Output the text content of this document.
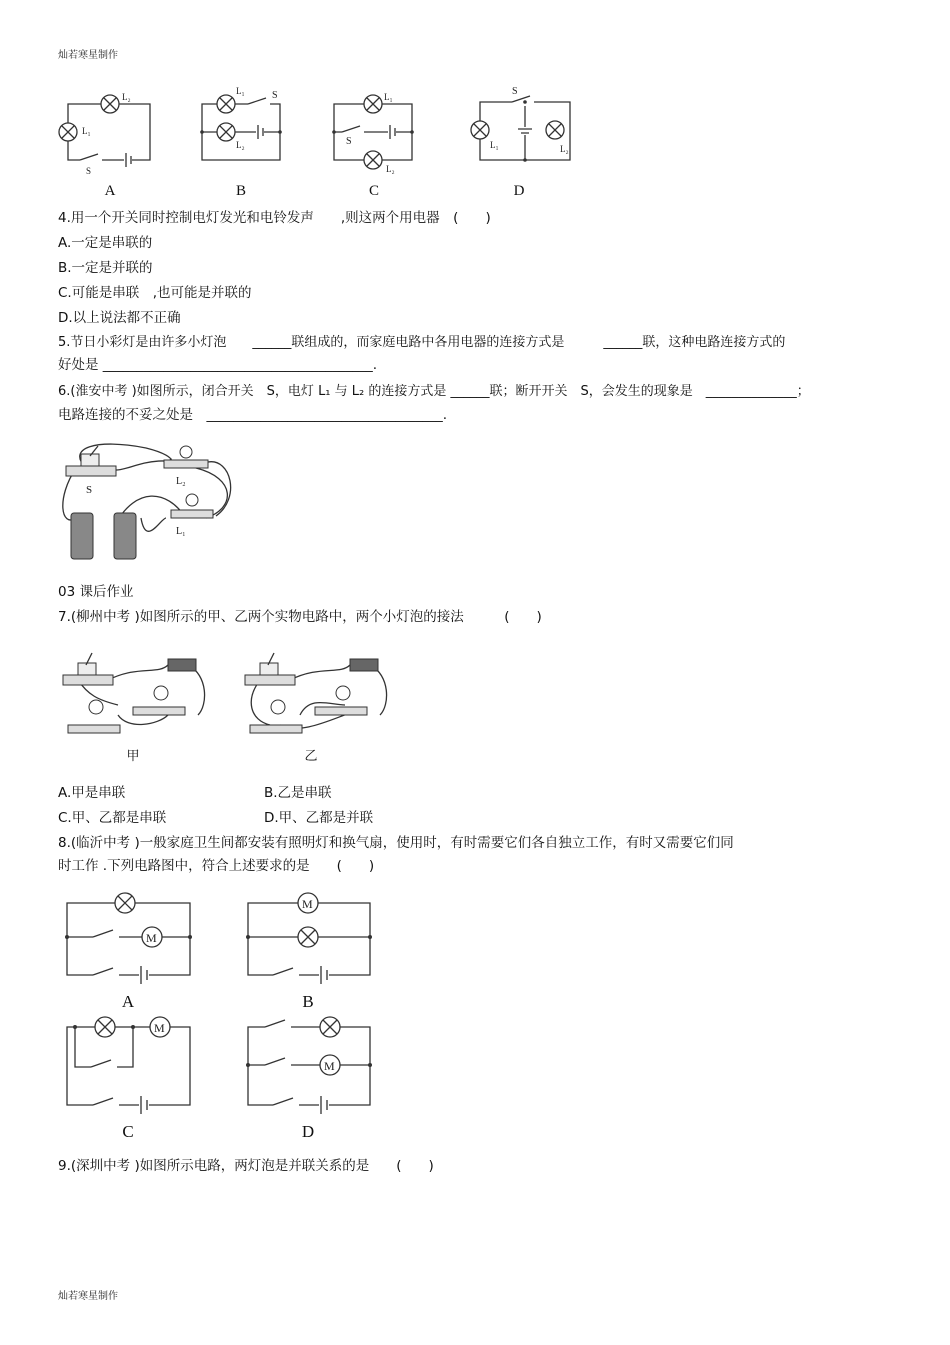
灿若寒星制作
L₂
L₁
S
L₁	S
L₂
L₁
S
L₂
S
L₁	L₂
A	B	C	D
4.用一个开关同时控制电灯发光和电铃发声　　,则这两个用电器　(　　)
A.一定是串联的
B.一定是并联的
C.可能是串联　,也可能是并联的
D.以上说法都不正确
5.节日小彩灯是由许多小灯泡　　______联组成的，而家庭电路中各用电器的连接方式是　　　______联，这种电路连接方式的
好处是 ________________________________________.
6.(淮安中考 )如图所示，闭合开关　S，电灯 L₁ 与 L₂ 的连接方式是 ______联；断开开关　S，会发生的现象是　______________；
电路连接的不妥之处是　___________________________________.
S
L₂
L₁
03 课后作业
7.(柳州中考 )如图所示的甲、乙两个实物电路中，两个小灯泡的接法　　　(　　)
甲	乙
A.甲是串联	B.乙是串联
C.甲、乙都是串联	D.甲、乙都是并联
8.(临沂中考 )一般家庭卫生间都安装有照明灯和换气扇，使用时，有时需要它们各自独立工作，有时又需要它们同
时工作 .下列电路图中，符合上述要求的是　　(　　)
M
M
M
M
A	B
C	D
9.(深圳中考 )如图所示电路，两灯泡是并联关系的是　　(　　)
灿若寒星制作
